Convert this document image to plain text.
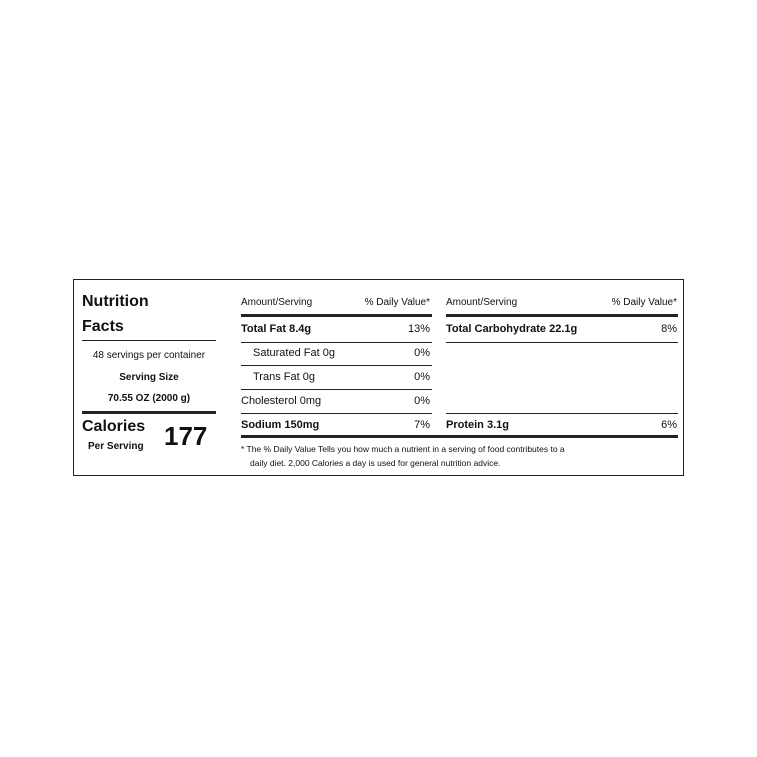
Nutrition
Facts
48 servings per container
Serving Size
70.55 OZ (2000 g)
Calories
Per Serving 177
Amount/Serving	% Daily Value*
Total Fat 8.4g	13%
Saturated Fat 0g	0%
Trans Fat 0g	0%
Cholesterol 0mg	0%
Sodium 150mg	7%
Amount/Serving	% Daily Value*
Total Carbohydrate 22.1g	8%
Protein 3.1g	6%
* The % Daily Value Tells you how much a nutrient in a serving of food contributes to a
daily diet. 2,000 Calories a day is used for general nutrition advice.
